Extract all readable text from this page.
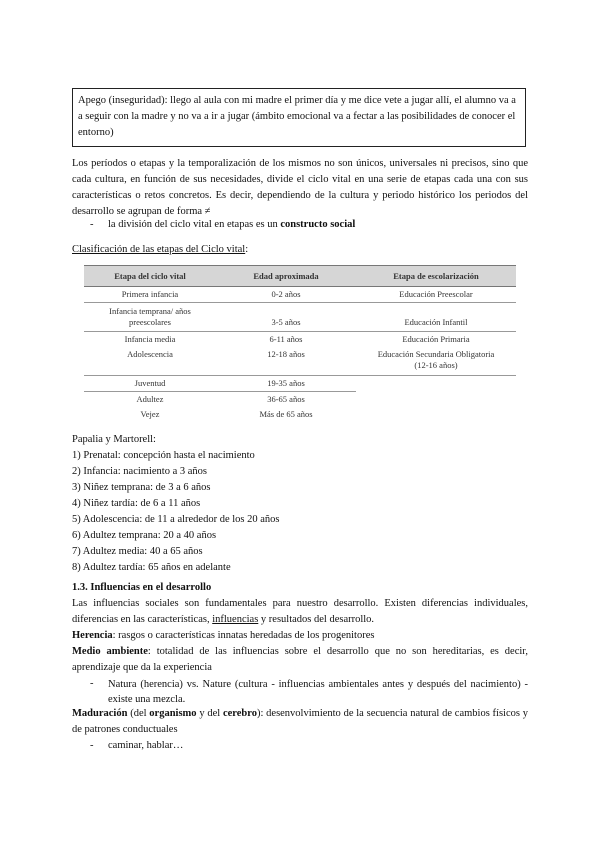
Apego (inseguridad): llego al aula con mi madre el primer día y me dice vete a jugar allí, el alumno va a a seguir con la madre y no va a ir a jugar (ámbito emocional va a fectar a las posibilidades de conocer el entorno)
Los períodos o etapas y la temporalización de los mismos no son únicos, universales ni precisos, sino que cada cultura, en función de sus necesidades, divide el ciclo vital en una serie de etapas cada una con sus características o retos concretos. Es decir, dependiendo de la cultura y periodo histórico los periodos del desarrollo se agrupan de forma ≠
- la división del ciclo vital en etapas es un constructo social
Clasificación de las etapas del Ciclo vital:
Etapa del ciclo vital	Edad aproximada	Etapa de escolarización
Primera infancia	0-2 años	Educación Preescolar
Infancia temprana/ años preescolares	3-5 años	Educación Infantil
Infancia media	6-11 años	Educación Primaria
Adolescencia	12-18 años	Educación Secundaria Obligatoria (12-16 años)
Juventud	19-35 años	
Adultez	36-65 años	
Vejez	Más de 65 años	
Papalia y Martorell:
1) Prenatal: concepción hasta el nacimiento
2) Infancia: nacimiento a 3 años
3) Niñez temprana: de 3 a 6 años
4) Niñez tardía: de 6 a 11 años
5) Adolescencia: de 11 a alrededor de los 20 años
6) Adultez temprana: 20 a 40 años
7) Adultez media: 40 a 65 años
8) Adultez tardía: 65 años en adelante
1.3. Influencias en el desarrollo
Las influencias sociales son fundamentales para nuestro desarrollo. Existen diferencias individuales, diferencias en las características, influencias y resultados del desarrollo.
Herencia: rasgos o características innatas heredadas de los progenitores
Medio ambiente: totalidad de las influencias sobre el desarrollo que no son hereditarias, es decir, aprendizaje que da la experiencia
- Natura (herencia) vs. Nature (cultura - influencias ambientales antes y después del nacimiento) - existe una mezcla.
Maduración (del organismo y del cerebro): desenvolvimiento de la secuencia natural de cambios físicos y de patrones conductuales
- caminar, hablar…
